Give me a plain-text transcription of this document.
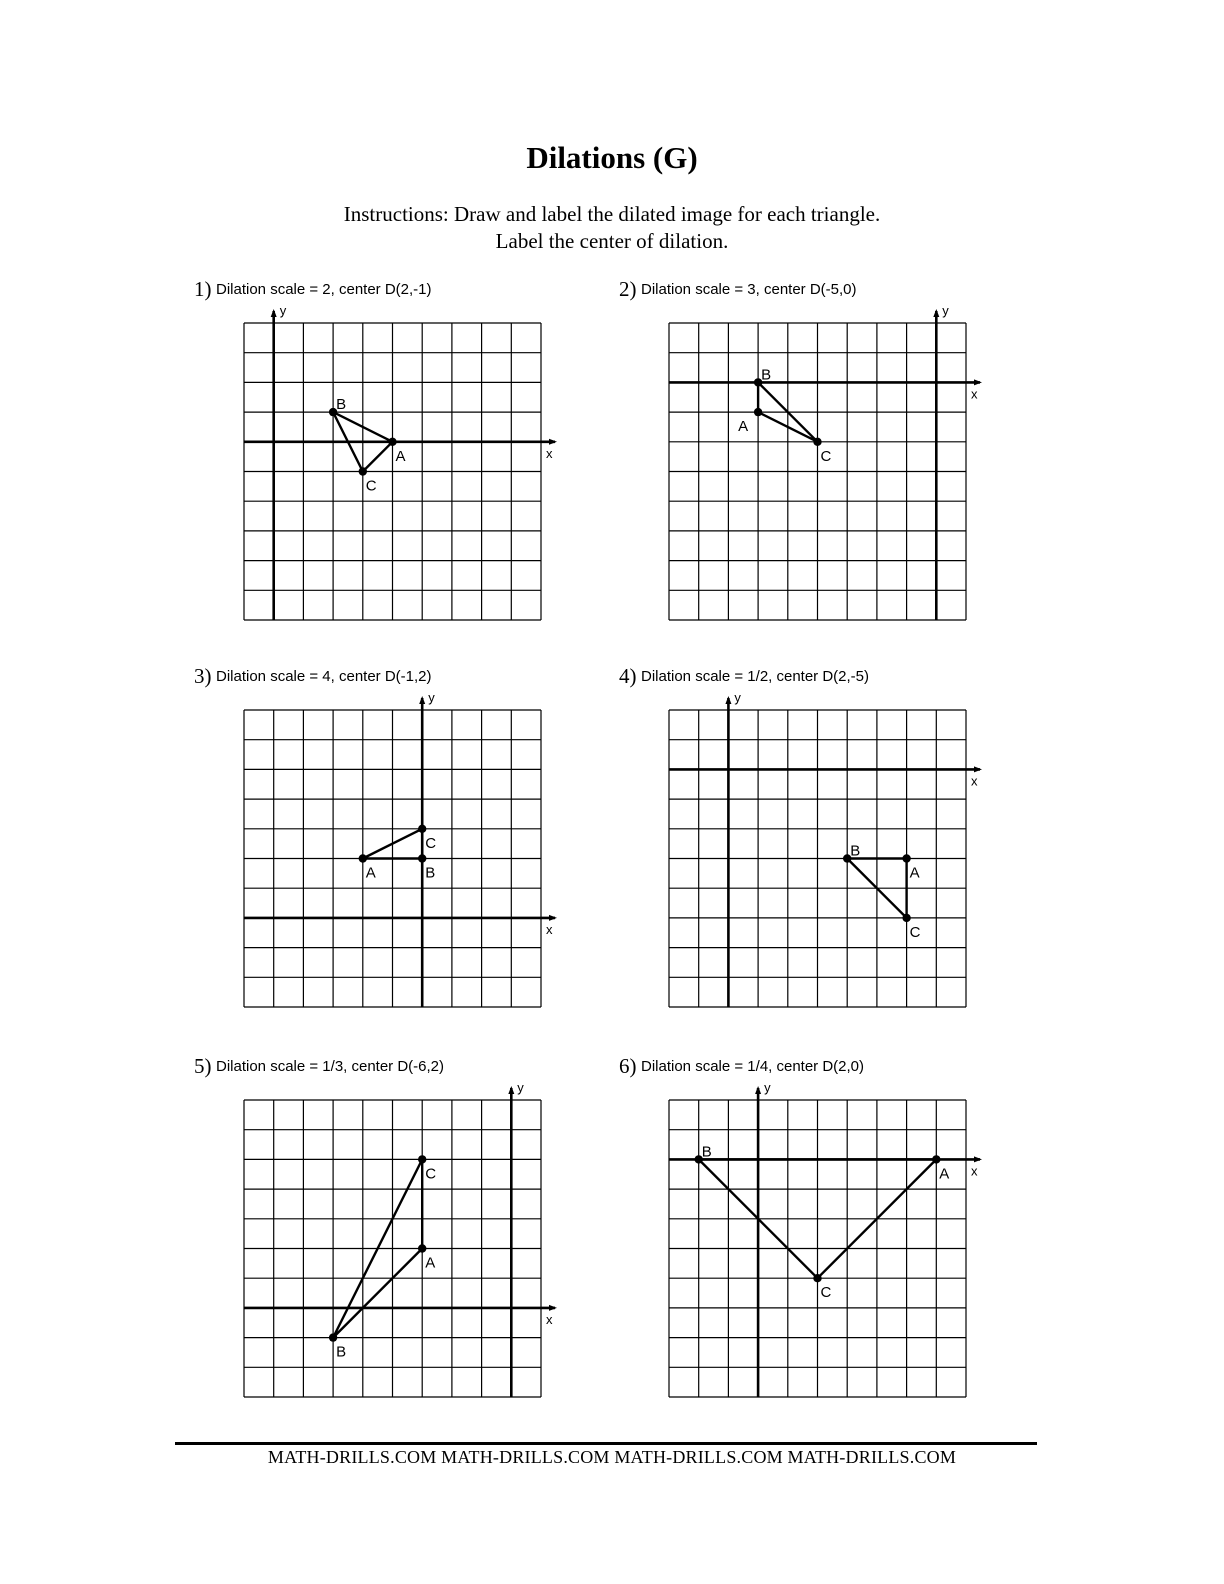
Dilations (G)
Instructions: Draw and label the dilated image for each triangle.
Label the center of dilation.
1) Dilation scale = 2, center D(2,-1)
x
y
A
B
C
2) Dilation scale = 3, center D(-5,0)
x
y
A
B
C
3) Dilation scale = 4, center D(-1,2)
x
y
A	B
C
4) Dilation scale = 1/2, center D(2,-5)
x
y
A
B
C
5) Dilation scale = 1/3, center D(-6,2)
x
y
A
B
C
6) Dilation scale = 1/4, center D(2,0)
x
y
A
B
C
MATH-DRILLS.COM MATH-DRILLS.COM MATH-DRILLS.COM MATH-DRILLS.COM
